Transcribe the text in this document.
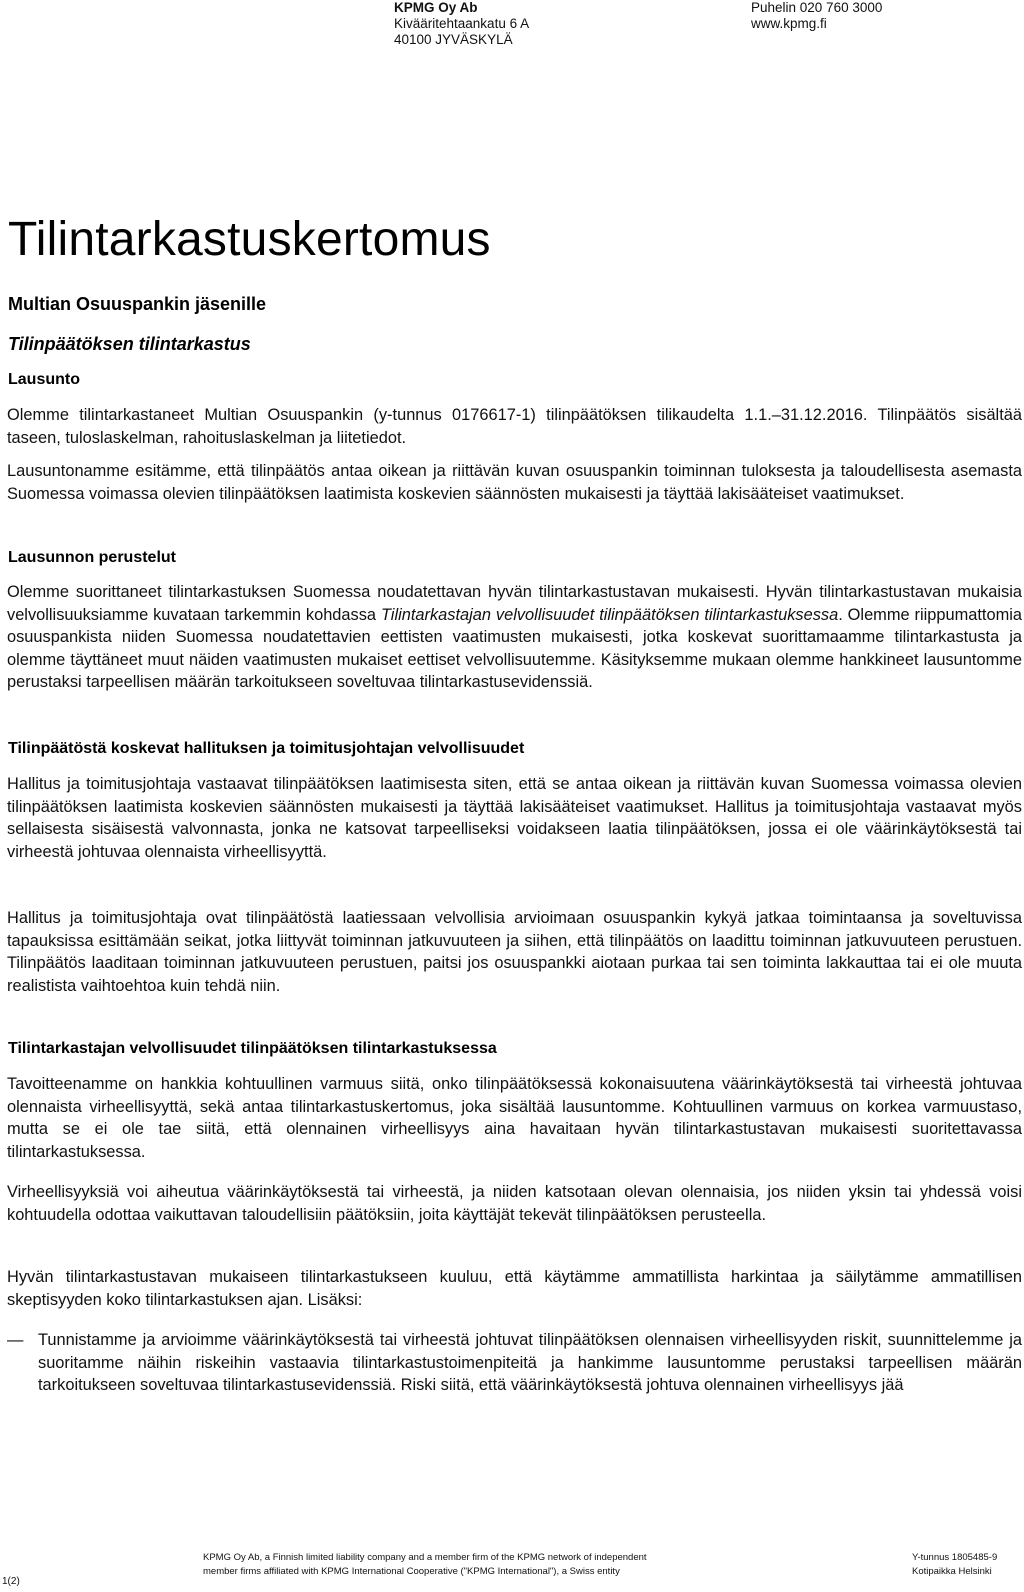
KPMG Oy Ab
Kivääritehtaankatu 6 A
40100 JYVÄSKYLÄ
Puhelin 020 760 3000
www.kpmg.fi
Tilintarkastuskertomus
Multian Osuuspankin jäsenille
Tilinpäätöksen tilintarkastus
Lausunto
Olemme tilintarkastaneet Multian Osuuspankin (y-tunnus 0176617-1) tilinpäätöksen tilikaudelta 1.1.–31.12.2016. Tilinpäätös sisältää taseen, tuloslaskelman, rahoituslaskelman ja liitetiedot.
Lausuntonamme esitämme, että tilinpäätös antaa oikean ja riittävän kuvan osuuspankin toiminnan tuloksesta ja taloudellisesta asemasta Suomessa voimassa olevien tilinpäätöksen laatimista koskevien säännösten mukaisesti ja täyttää lakisääteiset vaatimukset.
Lausunnon perustelut
Olemme suorittaneet tilintarkastuksen Suomessa noudatettavan hyvän tilintarkastustavan mukaisesti. Hyvän tilintarkastustavan mukaisia velvollisuuksiamme kuvataan tarkemmin kohdassa Tilintarkastajan velvollisuudet tilinpäätöksen tilintarkastuksessa. Olemme riippumattomia osuuspankista niiden Suomessa noudatettavien eettisten vaatimusten mukaisesti, jotka koskevat suorittamaamme tilintarkastusta ja olemme täyttäneet muut näiden vaatimusten mukaiset eettiset velvollisuutemme. Käsityksemme mukaan olemme hankkineet lausuntomme perustaksi tarpeellisen määrän tarkoitukseen soveltuvaa tilintarkastusevidenssiä.
Tilinpäätöstä koskevat hallituksen ja toimitusjohtajan velvollisuudet
Hallitus ja toimitusjohtaja vastaavat tilinpäätöksen laatimisesta siten, että se antaa oikean ja riittävän kuvan Suomessa voimassa olevien tilinpäätöksen laatimista koskevien säännösten mukaisesti ja täyttää lakisääteiset vaatimukset. Hallitus ja toimitusjohtaja vastaavat myös sellaisesta sisäisestä valvonnasta, jonka ne katsovat tarpeelliseksi voidakseen laatia tilinpäätöksen, jossa ei ole väärinkäytöksestä tai virheestä johtuvaa olennaista virheellisyyttä.
Hallitus ja toimitusjohtaja ovat tilinpäätöstä laatiessaan velvollisia arvioimaan osuuspankin kykyä jatkaa toimintaansa ja soveltuvissa tapauksissa esittämään seikat, jotka liittyvät toiminnan jatkuvuuteen ja siihen, että tilinpäätös on laadittu toiminnan jatkuvuuteen perustuen. Tilinpäätös laaditaan toiminnan jatkuvuuteen perustuen, paitsi jos osuuspankki aiotaan purkaa tai sen toiminta lakkauttaa tai ei ole muuta realistista vaihtoehtoa kuin tehdä niin.
Tilintarkastajan velvollisuudet tilinpäätöksen tilintarkastuksessa
Tavoitteenamme on hankkia kohtuullinen varmuus siitä, onko tilinpäätöksessä kokonaisuutena väärinkäytöksestä tai virheestä johtuvaa olennaista virheellisyyttä, sekä antaa tilintarkastuskertomus, joka sisältää lausuntomme. Kohtuullinen varmuus on korkea varmuustaso, mutta se ei ole tae siitä, että olennainen virheellisyys aina havaitaan hyvän tilintarkastustavan mukaisesti suoritettavassa tilintarkastuksessa.
Virheellisyyksiä voi aiheutua väärinkäytöksestä tai virheestä, ja niiden katsotaan olevan olennaisia, jos niiden yksin tai yhdessä voisi kohtuudella odottaa vaikuttavan taloudellisiin päätöksiin, joita käyttäjät tekevät tilinpäätöksen perusteella.
Hyvän tilintarkastustavan mukaiseen tilintarkastukseen kuuluu, että käytämme ammatillista harkintaa ja säilytämme ammatillisen skeptisyyden koko tilintarkastuksen ajan. Lisäksi:
— Tunnistamme ja arvioimme väärinkäytöksestä tai virheestä johtuvat tilinpäätöksen olennaisen virheellisyyden riskit, suunnittelemme ja suoritamme näihin riskeihin vastaavia tilintarkastustoimenpiteitä ja hankimme lausuntomme perustaksi tarpeellisen määrän tarkoitukseen soveltuvaa tilintarkastusevidenssiä. Riski siitä, että väärinkäytöksestä johtuva olennainen virheellisyys jää
1(2)
KPMG Oy Ab, a Finnish limited liability company and a member firm of the KPMG network of independent
member firms affiliated with KPMG International Cooperative ("KPMG International"), a Swiss entity
Y-tunnus 1805485-9
Kotipaikka Helsinki
